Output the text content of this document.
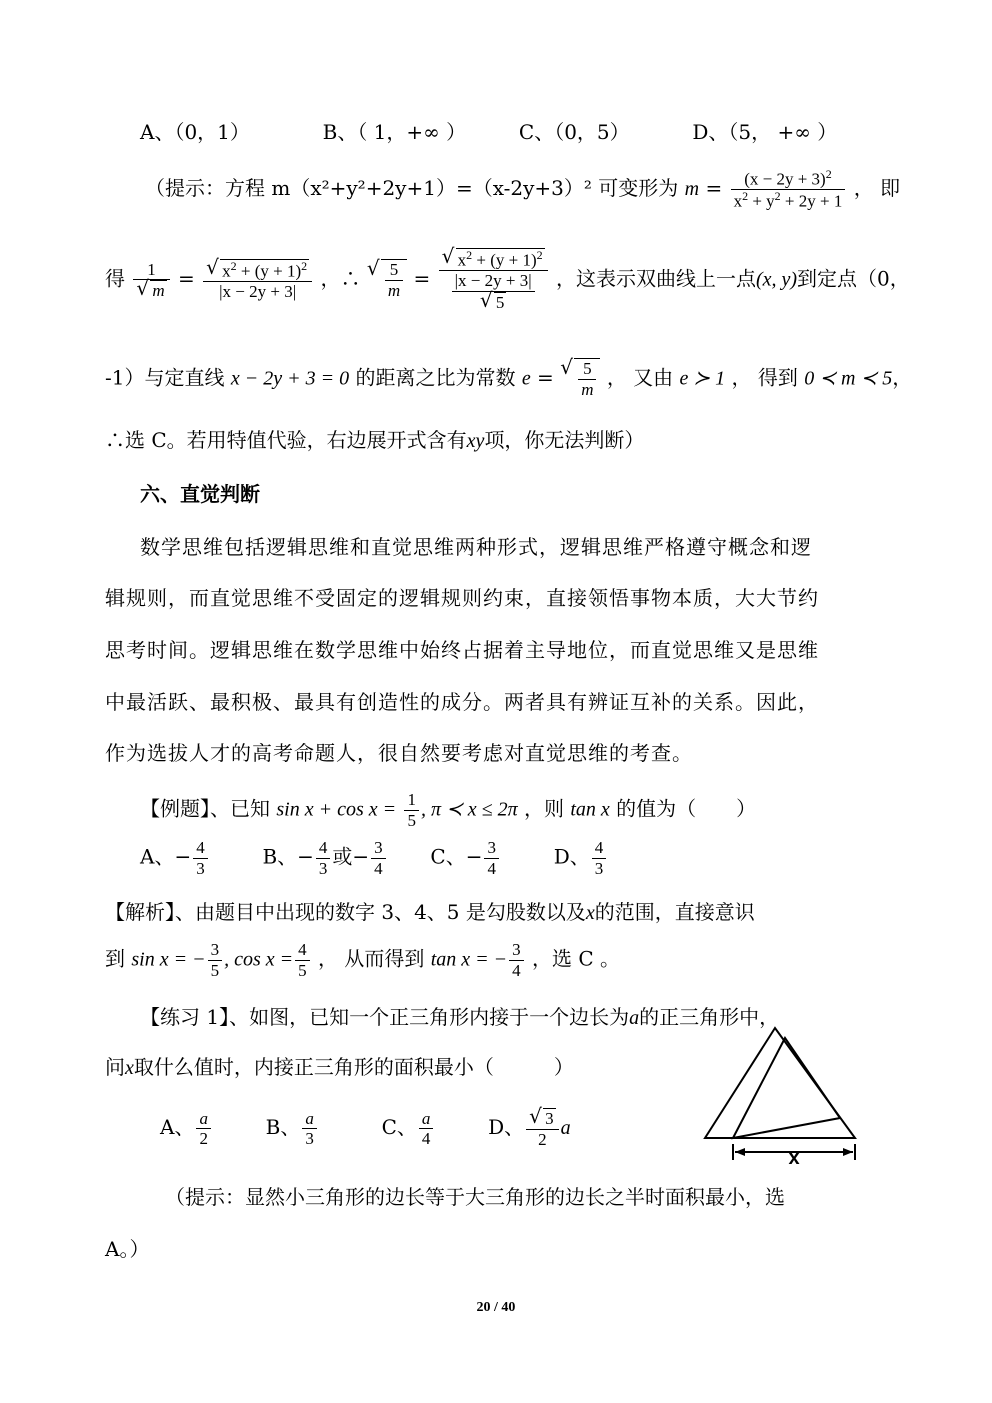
A、（0，1）	B、（ 1，+∞ ）	C、（0，5）	D、（5， +∞ ）
（提示：方程 m（x²+y²+2y+1）=（x-2y+3）² 可变形为 $m = \frac{(x - 2y + 3)^2}{x^2 + y^2 + 2y + 1}$ ， 即
得 1
√ m = √ $\frac{x^2 + (y + 1)^2}{|x - 2y + 3|}$ ，∴ √ $\frac{5}{m}$ = √ $x^2 + (y + 1)^2$
|x − 2y + 3|
√ 5 ，这表示双曲线上一点(x, y)到定点（0，
-1）与定直线 x − 2y + 3 = 0 的距离之比为常数 e = √ $\frac{5}{m}$ ， 又由 e ≻ 1 ， 得到 0 ≺ m ≺ 5，
∴选 C。若用特值代验，右边展开式含有xy项，你无法判断）
六、直觉判断
数学思维包括逻辑思维和直觉思维两种形式，逻辑思维严格遵守概念和逻
辑规则，而直觉思维不受固定的逻辑规则约束，直接领悟事物本质，大大节约
思考时间。逻辑思维在数学思维中始终占据着主导地位，而直觉思维又是思维
中最活跃、最积极、最具有创造性的成分。两者具有辨证互补的关系。因此，
作为选拔人才的高考命题人，很自然要考虑对直觉思维的考查。
【例题】、已知 $\sin x + \cos x = \frac{1}{5}$ , π ≺ x ≤ 2π ，则 tan x 的值为（　　）
A、− $\frac{4}{3}$	B、− $\frac{4}{3}$ 或− $\frac{3}{4}$ C、− $\frac{3}{4}$	D、 $\frac{4}{3}$
【解析】、由题目中出现的数字 3、4、5 是勾股数以及x的范围，直接意识
到 sin x = − $\frac{3}{5}$ , $\cos x = \frac{4}{5}$ ， 从而得到 tan x = − $\frac{3}{4}$ ，选 C 。
【练习 1】、如图，已知一个正三角形内接于一个边长为a的正三角形中，
问x取什么值时，内接正三角形的面积最小（　　　）
A、 $\frac{a}{2}$	B、 $\frac{a}{3}$	C、 $\frac{a}{4}$	D、 √ $\frac{3}{2}$ a
x
（提示：显然小三角形的边长等于大三角形的边长之半时面积最小，选
A。）
20 / 40
